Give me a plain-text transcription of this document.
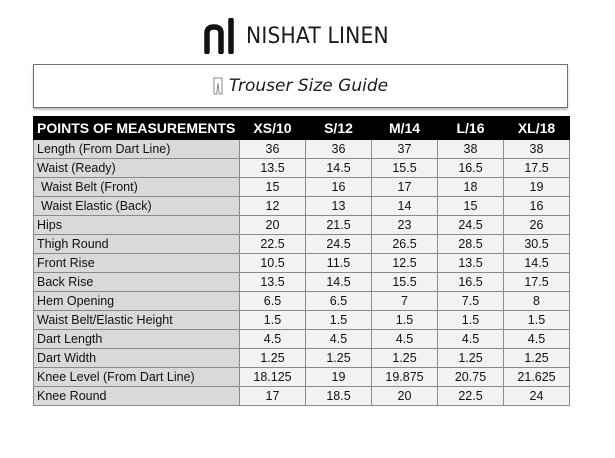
NISHAT LINEN
Trouser Size Guide
POINTS OF MEASUREMENTS	XS/10	S/12	M/14	L/16	XL/18
Length (From Dart Line)	36	36	37	38	38
Waist (Ready)	13.5	14.5	15.5	16.5	17.5
Waist Belt (Front)	15	16	17	18	19
Waist Elastic (Back)	12	13	14	15	16
Hips	20	21.5	23	24.5	26
Thigh Round	22.5	24.5	26.5	28.5	30.5
Front Rise	10.5	11.5	12.5	13.5	14.5
Back Rise	13.5	14.5	15.5	16.5	17.5
Hem Opening	6.5	6.5	7	7.5	8
Waist Belt/Elastic Height	1.5	1.5	1.5	1.5	1.5
Dart Length	4.5	4.5	4.5	4.5	4.5
Dart Width	1.25	1.25	1.25	1.25	1.25
Knee Level (From Dart Line)	18.125	19	19.875	20.75	21.625
Knee Round	17	18.5	20	22.5	24
